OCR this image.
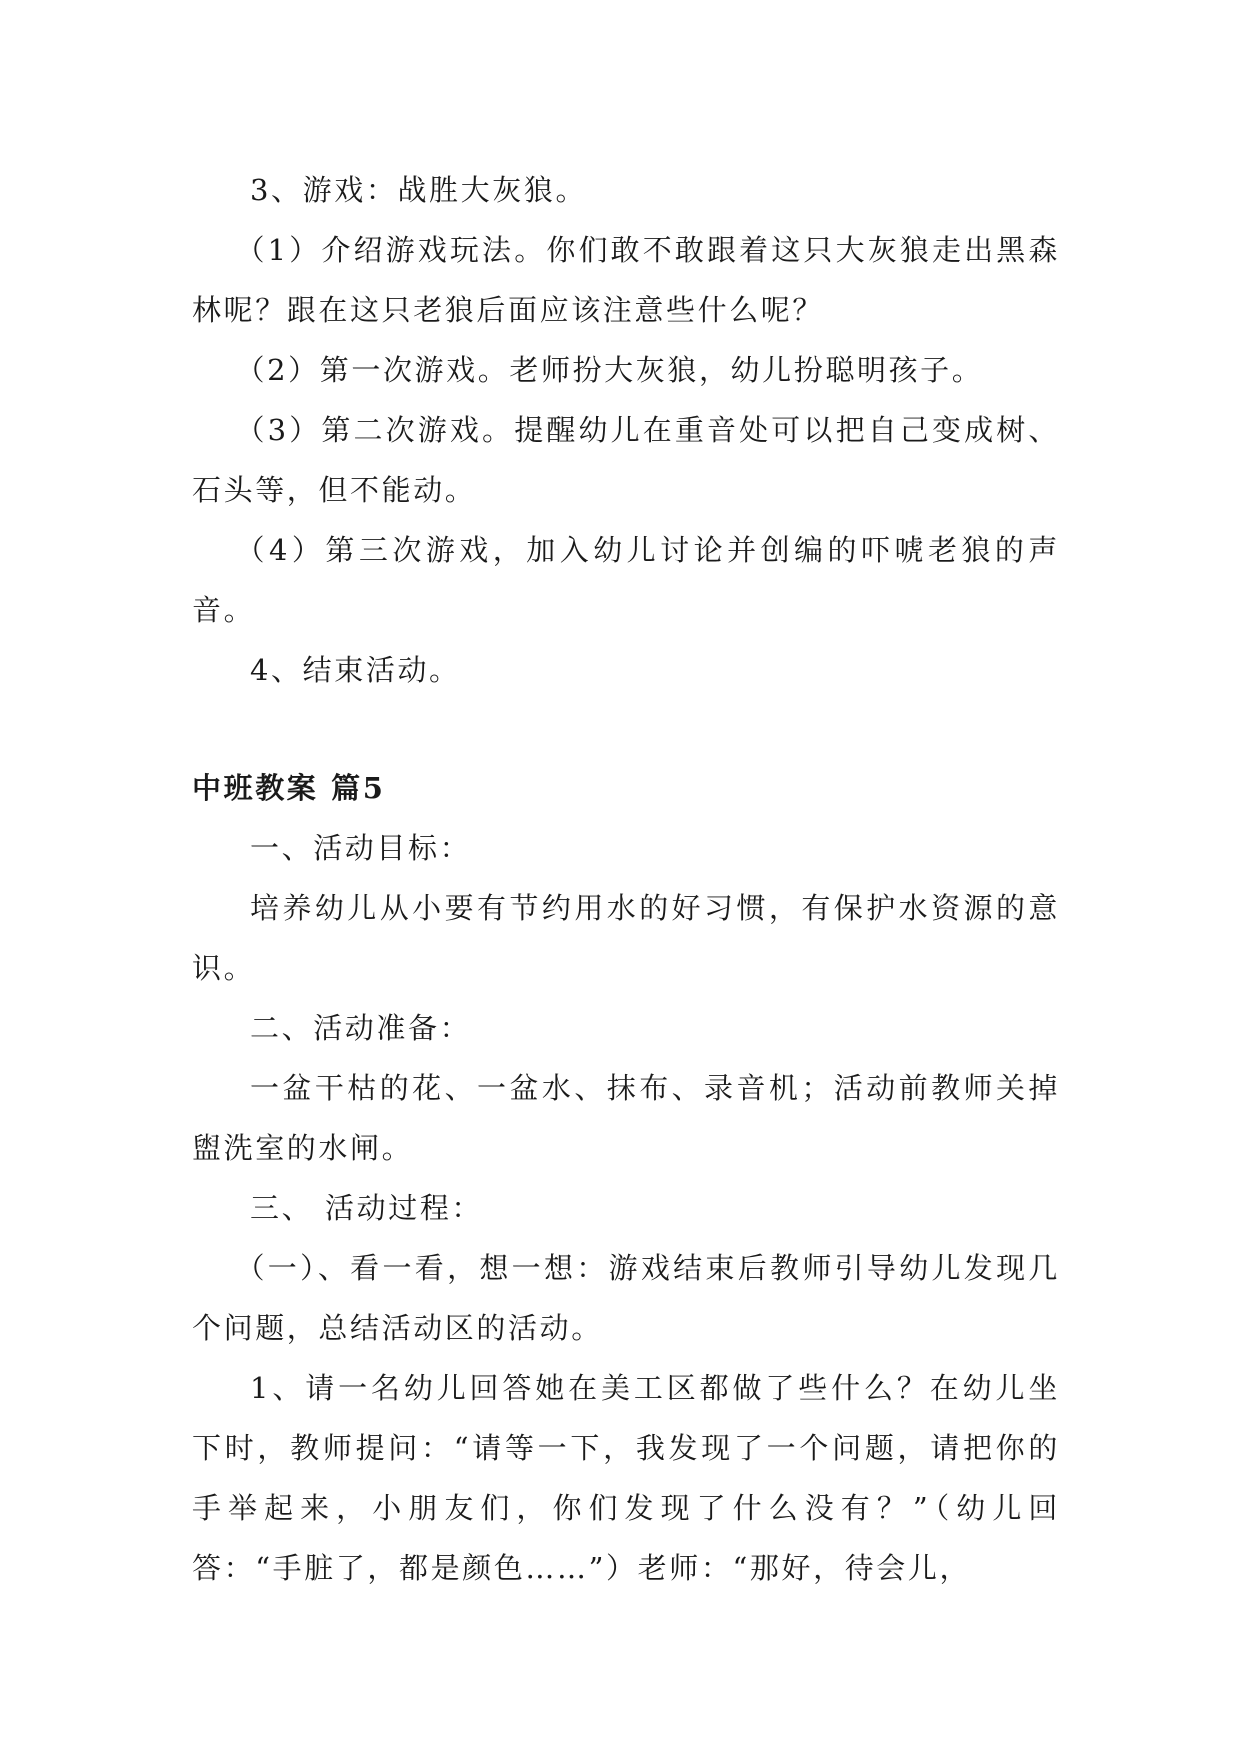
3、游戏：战胜大灰狼。

（1）介绍游戏玩法。你们敢不敢跟着这只大灰狼走出黑森林呢？跟在这只老狼后面应该注意些什么呢？

（2）第一次游戏。老师扮大灰狼，幼儿扮聪明孩子。

（3）第二次游戏。提醒幼儿在重音处可以把自己变成树、石头等，但不能动。

（4）第三次游戏，加入幼儿讨论并创编的吓唬老狼的声音。

4、结束活动。

中班教案 篇5

一、活动目标：

培养幼儿从小要有节约用水的好习惯，有保护水资源的意识。

二、活动准备：

一盆干枯的花、一盆水、抹布、录音机；活动前教师关掉盥洗室的水闸。

三、 活动过程：

（一）、看一看，想一想：游戏结束后教师引导幼儿发现几个问题，总结活动区的活动。

1、请一名幼儿回答她在美工区都做了些什么？在幼儿坐下时，教师提问：“请等一下，我发现了一个问题，请把你的手举起来，小朋友们，你们发现了什么没有？”（幼儿回答：“手脏了，都是颜色……”）老师：“那好，待会儿，
